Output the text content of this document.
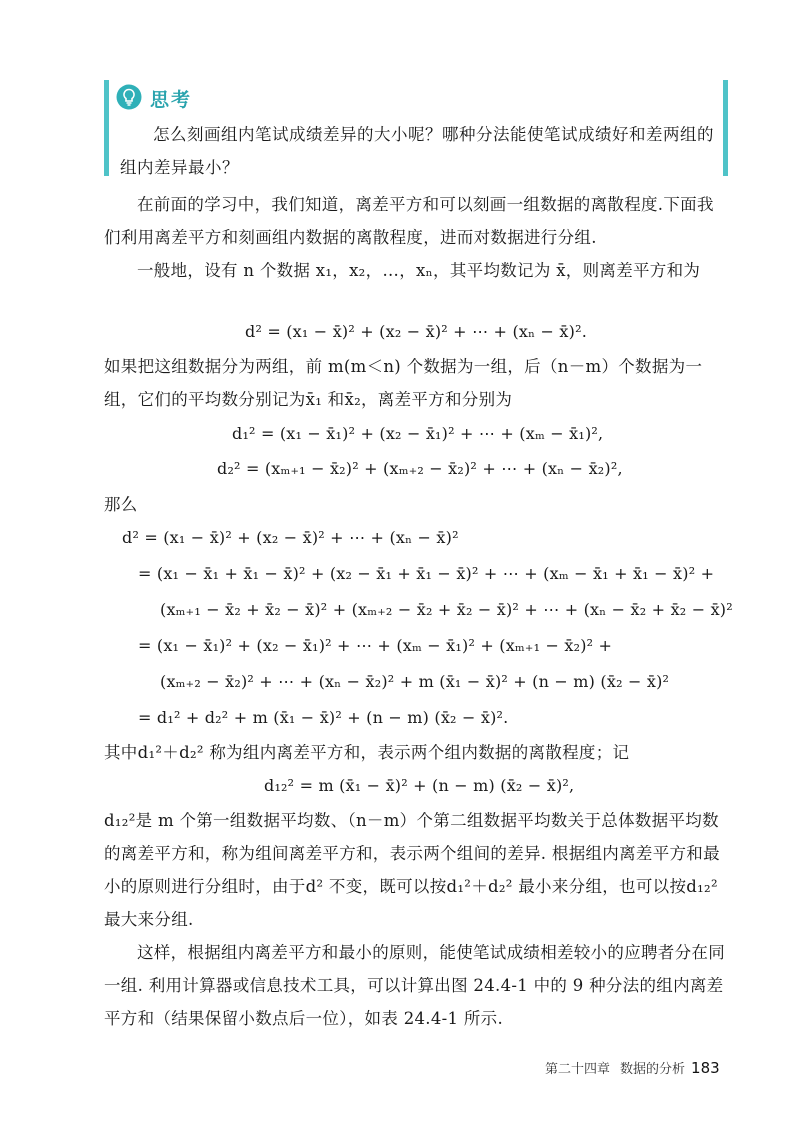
思考
怎么刻画组内笔试成绩差异的大小呢？哪种分法能使笔试成绩好和差两组的组内差异最小？
在前面的学习中，我们知道，离差平方和可以刻画一组数据的离散程度.下面我们利用离差平方和刻画组内数据的离散程度，进而对数据进行分组.
一般地，设有 n 个数据 x₁，x₂，…，xₙ，其平均数记为 x̄，则离差平方和为
d² = (x₁ − x̄)² + (x₂ − x̄)² + ⋯ + (xₙ − x̄)².
如果把这组数据分为两组，前 m(m＜n) 个数据为一组，后（n－m）个数据为一组，它们的平均数分别记为x̄₁ 和x̄₂，离差平方和分别为
d₁² = (x₁ − x̄₁)² + (x₂ − x̄₁)² + ⋯ + (xₘ − x̄₁)²,
d₂² = (xₘ₊₁ − x̄₂)² + (xₘ₊₂ − x̄₂)² + ⋯ + (xₙ − x̄₂)²,
那么
d² = (x₁ − x̄)² + (x₂ − x̄)² + ⋯ + (xₙ − x̄)²
= (x₁ − x̄₁ + x̄₁ − x̄)² + (x₂ − x̄₁ + x̄₁ − x̄)² + ⋯ + (xₘ − x̄₁ + x̄₁ − x̄)² +
(xₘ₊₁ − x̄₂ + x̄₂ − x̄)² + (xₘ₊₂ − x̄₂ + x̄₂ − x̄)² + ⋯ + (xₙ − x̄₂ + x̄₂ − x̄)²
= (x₁ − x̄₁)² + (x₂ − x̄₁)² + ⋯ + (xₘ − x̄₁)² + (xₘ₊₁ − x̄₂)² +
(xₘ₊₂ − x̄₂)² + ⋯ + (xₙ − x̄₂)² + m (x̄₁ − x̄)² + (n − m) (x̄₂ − x̄)²
= d₁² + d₂² + m (x̄₁ − x̄)² + (n − m) (x̄₂ − x̄)².
其中d₁²＋d₂² 称为组内离差平方和，表示两个组内数据的离散程度；记
d₁₂² = m (x̄₁ − x̄)² + (n − m) (x̄₂ − x̄)²,
d₁₂²是 m 个第一组数据平均数、（n－m）个第二组数据平均数关于总体数据平均数的离差平方和，称为组间离差平方和，表示两个组间的差异. 根据组内离差平方和最小的原则进行分组时，由于d² 不变，既可以按d₁²＋d₂² 最小来分组，也可以按d₁₂²最大来分组.
这样，根据组内离差平方和最小的原则，能使笔试成绩相差较小的应聘者分在同一组. 利用计算器或信息技术工具，可以计算出图 24.4-1 中的 9 种分法的组内离差平方和（结果保留小数点后一位），如表 24.4-1 所示.
第二十四章 数据的分析 183
